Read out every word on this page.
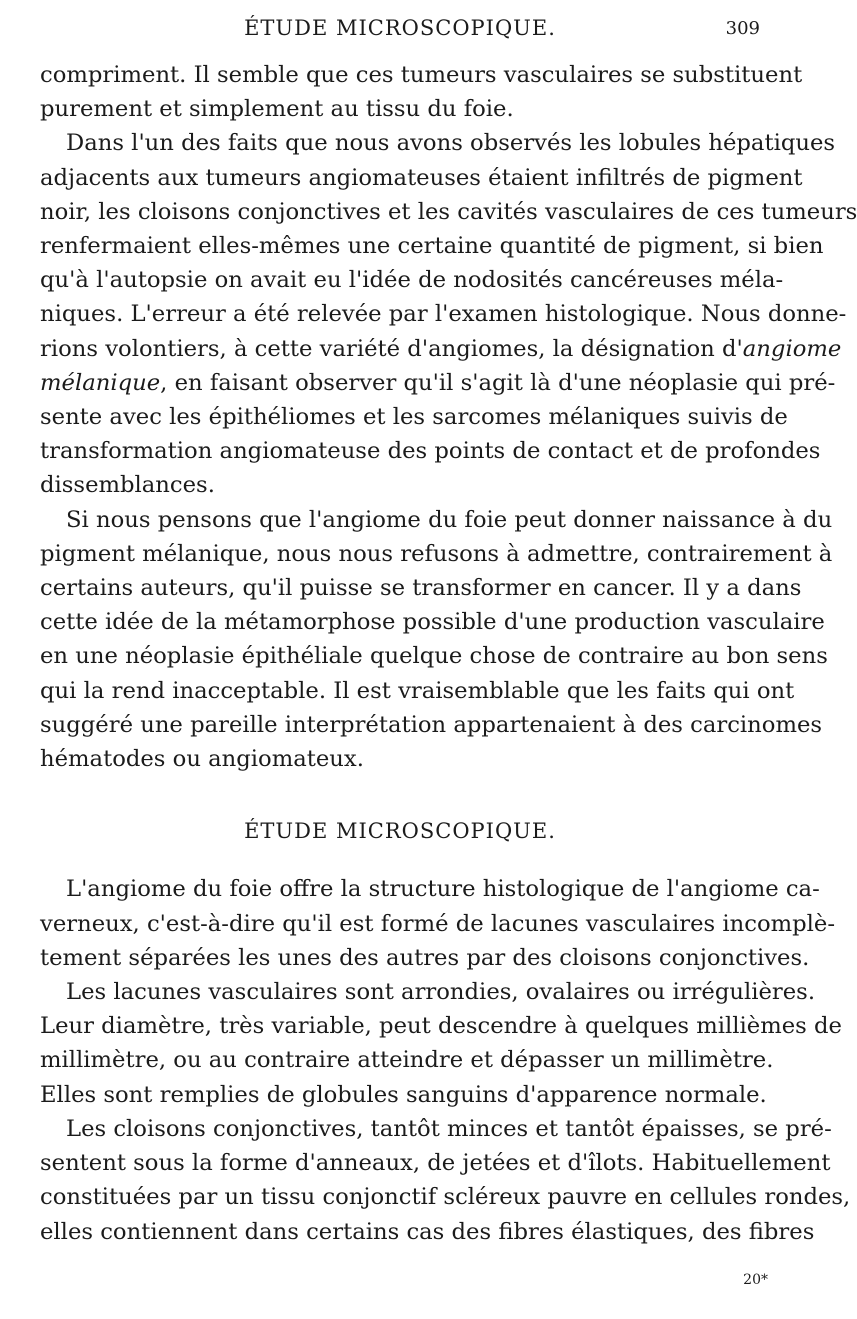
ÉTUDE MICROSCOPIQUE.	309
compriment. Il semble que ces tumeurs vasculaires se substituent
purement et simplement au tissu du foie.
Dans l'un des faits que nous avons observés les lobules hépatiques
adjacents aux tumeurs angiomateuses étaient infiltrés de pigment
noir, les cloisons conjonctives et les cavités vasculaires de ces tumeurs
renfermaient elles-mêmes une certaine quantité de pigment, si bien
qu'à l'autopsie on avait eu l'idée de nodosités cancéreuses méla-
niques. L'erreur a été relevée par l'examen histologique. Nous donne-
rions volontiers, à cette variété d'angiomes, la désignation d'angiome
mélanique, en faisant observer qu'il s'agit là d'une néoplasie qui pré-
sente avec les épithéliomes et les sarcomes mélaniques suivis de
transformation angiomateuse des points de contact et de profondes
dissemblances.
Si nous pensons que l'angiome du foie peut donner naissance à du
pigment mélanique, nous nous refusons à admettre, contrairement à
certains auteurs, qu'il puisse se transformer en cancer. Il y a dans
cette idée de la métamorphose possible d'une production vasculaire
en une néoplasie épithéliale quelque chose de contraire au bon sens
qui la rend inacceptable. Il est vraisemblable que les faits qui ont
suggéré une pareille interprétation appartenaient à des carcinomes
hématodes ou angiomateux.
ÉTUDE MICROSCOPIQUE.
L'angiome du foie offre la structure histologique de l'angiome ca-
verneux, c'est-à-dire qu'il est formé de lacunes vasculaires incomplè-
tement séparées les unes des autres par des cloisons conjonctives.
Les lacunes vasculaires sont arrondies, ovalaires ou irrégulières.
Leur diamètre, très variable, peut descendre à quelques millièmes de
millimètre, ou au contraire atteindre et dépasser un millimètre.
Elles sont remplies de globules sanguins d'apparence normale.
Les cloisons conjonctives, tantôt minces et tantôt épaisses, se pré-
sentent sous la forme d'anneaux, de jetées et d'îlots. Habituellement
constituées par un tissu conjonctif scléreux pauvre en cellules rondes,
elles contiennent dans certains cas des fibres élastiques, des fibres
20*
